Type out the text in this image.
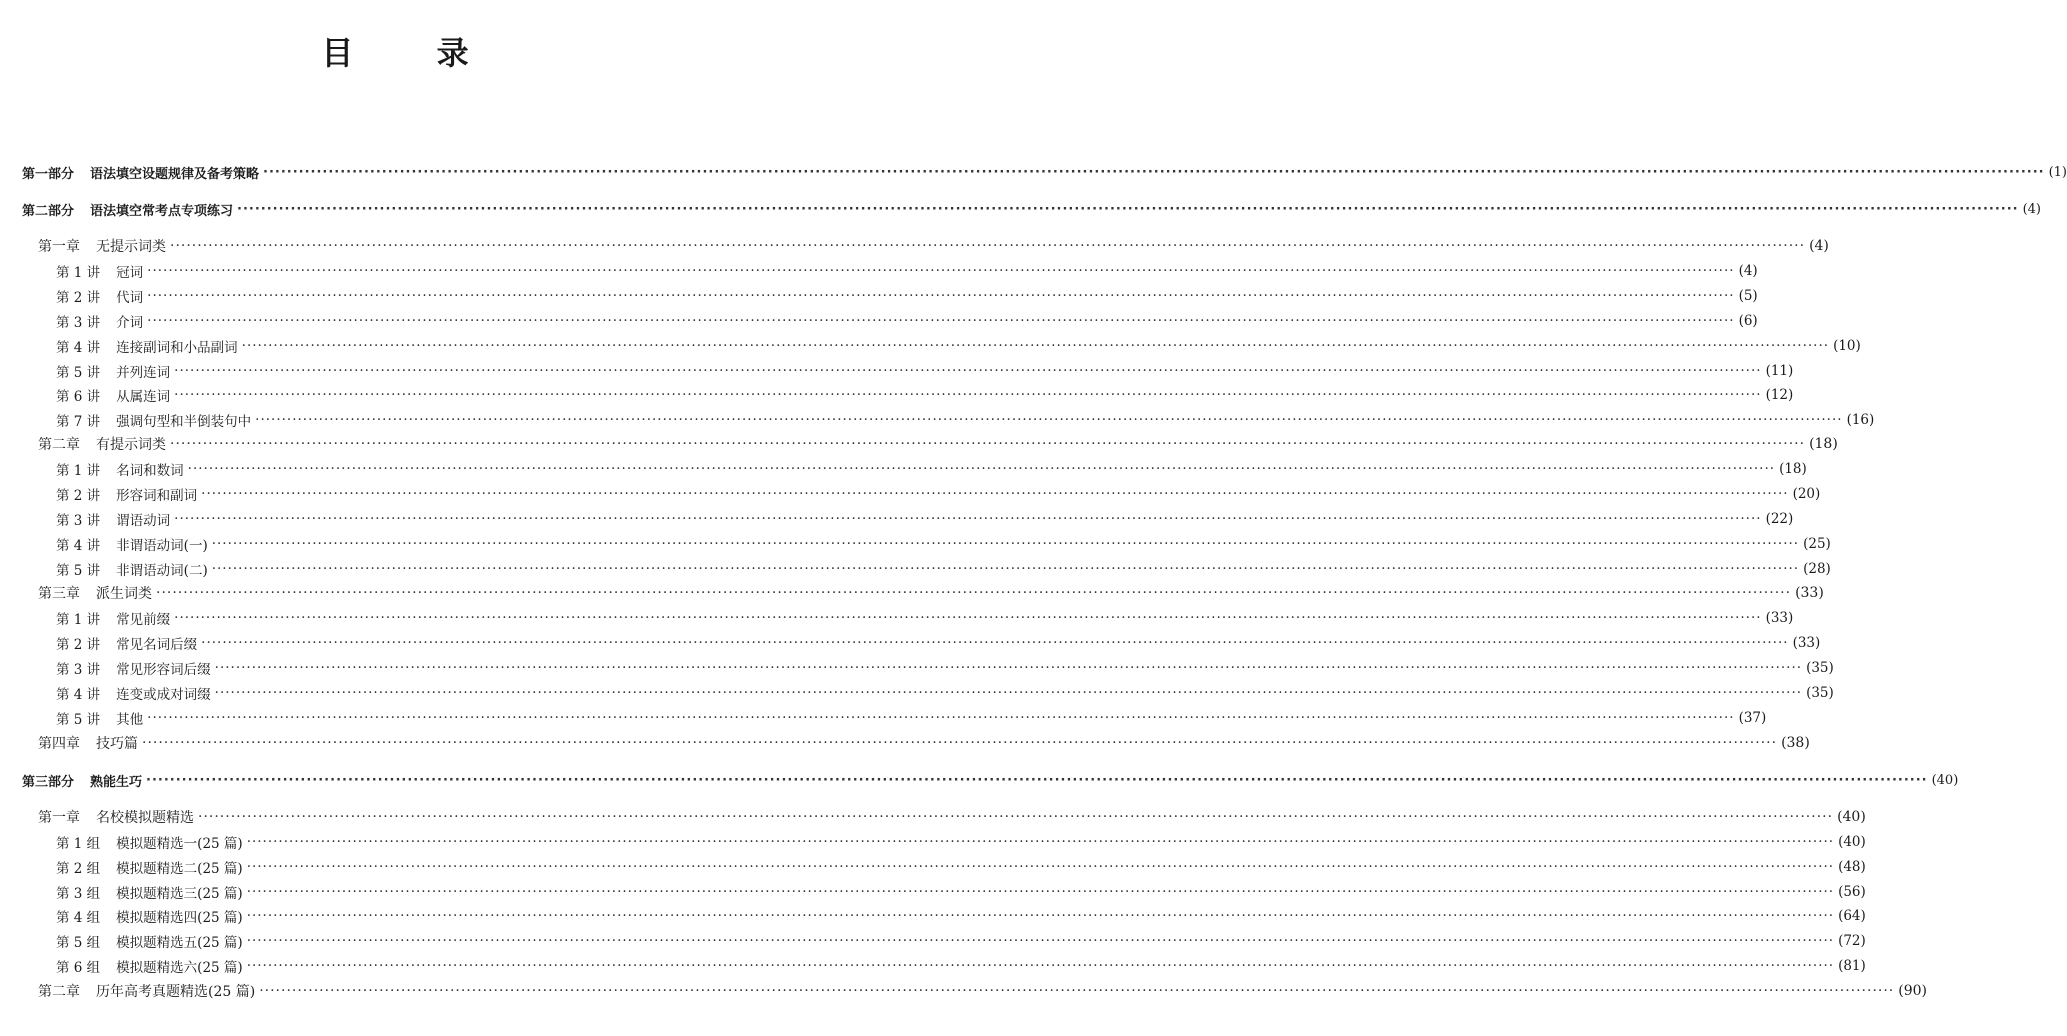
目 录
第一部分	语法填空设题规律及备考策略 ············································································································································································································································································································ (1)
第二部分	语法填空常考点专项练习 ············································································································································································································································································································ (4)
第一章	无提示词类 ············································································································································································································································································································ (4)
第 1 讲	冠词 ············································································································································································································································································································ (4)
第 2 讲	代词 ············································································································································································································································································································ (5)
第 3 讲	介词 ············································································································································································································································································································ (6)
第 4 讲	连接副词和小品副词 ············································································································································································································································································································ (10)
第 5 讲	并列连词 ············································································································································································································································································································ (11)
第 6 讲	从属连词 ············································································································································································································································································································ (12)
第 7 讲	强调句型和半倒装句中 ············································································································································································································································································································ (16)
第二章	有提示词类 ············································································································································································································································································································ (18)
第 1 讲	名词和数词 ············································································································································································································································································································ (18)
第 2 讲	形容词和副词 ············································································································································································································································································································ (20)
第 3 讲	谓语动词 ············································································································································································································································································································ (22)
第 4 讲	非谓语动词(一) ············································································································································································································································································································ (25)
第 5 讲	非谓语动词(二) ············································································································································································································································································································ (28)
第三章	派生词类 ············································································································································································································································································································ (33)
第 1 讲	常见前缀 ············································································································································································································································································································ (33)
第 2 讲	常见名词后缀 ············································································································································································································································································································ (33)
第 3 讲	常见形容词后缀 ············································································································································································································································································································ (35)
第 4 讲	连变或成对词缀 ············································································································································································································································································································ (35)
第 5 讲	其他 ············································································································································································································································································································ (37)
第四章	技巧篇 ············································································································································································································································································································ (38)
第三部分	熟能生巧 ············································································································································································································································································································ (40)
第一章	名校模拟题精选 ············································································································································································································································································································ (40)
第 1 组	模拟题精选一(25 篇) ············································································································································································································································································································ (40)
第 2 组	模拟题精选二(25 篇) ············································································································································································································································································································ (48)
第 3 组	模拟题精选三(25 篇) ············································································································································································································································································································ (56)
第 4 组	模拟题精选四(25 篇) ············································································································································································································································································································ (64)
第 5 组	模拟题精选五(25 篇) ············································································································································································································································································································ (72)
第 6 组	模拟题精选六(25 篇) ············································································································································································································································································································ (81)
第二章	历年高考真题精选(25 篇) ············································································································································································································································································································ (90)
